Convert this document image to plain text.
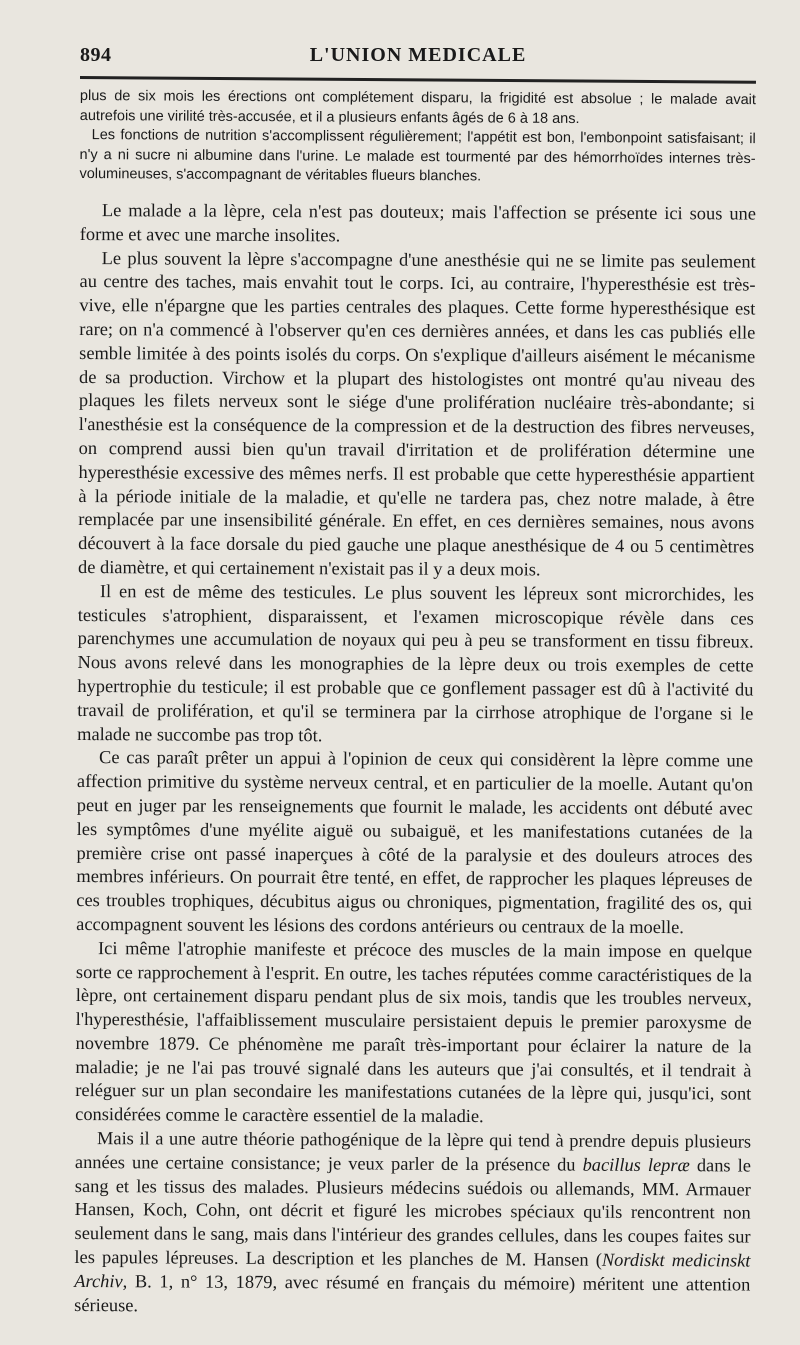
894	L'UNION MEDICALE

plus de six mois les érections ont complétement disparu, la frigidité est absolue ; le malade avait autrefois une virilité très-accusée, et il a plusieurs enfants âgés de 6 à 18 ans.

Les fonctions de nutrition s'accomplissent régulièrement; l'appétit est bon, l'embonpoint satisfaisant; il n'y a ni sucre ni albumine dans l'urine. Le malade est tourmenté par des hémorrhoïdes internes très-volumineuses, s'accompagnant de véritables flueurs blanches.

Le malade a la lèpre, cela n'est pas douteux; mais l'affection se présente ici sous une forme et avec une marche insolites.

Le plus souvent la lèpre s'accompagne d'une anesthésie qui ne se limite pas seulement au centre des taches, mais envahit tout le corps. Ici, au contraire, l'hyperesthésie est très-vive, elle n'épargne que les parties centrales des plaques. Cette forme hyperesthésique est rare; on n'a commencé à l'observer qu'en ces dernières années, et dans les cas publiés elle semble limitée à des points isolés du corps. On s'explique d'ailleurs aisément le mécanisme de sa production. Virchow et la plupart des histologistes ont montré qu'au niveau des plaques les filets nerveux sont le siége d'une prolifération nucléaire très-abondante; si l'anesthésie est la conséquence de la compression et de la destruction des fibres nerveuses, on comprend aussi bien qu'un travail d'irritation et de prolifération détermine une hyperesthésie excessive des mêmes nerfs. Il est probable que cette hyperesthésie appartient à la période initiale de la maladie, et qu'elle ne tardera pas, chez notre malade, à être remplacée par une insensibilité générale. En effet, en ces dernières semaines, nous avons découvert à la face dorsale du pied gauche une plaque anesthésique de 4 ou 5 centimètres de diamètre, et qui certainement n'existait pas il y a deux mois.

Il en est de même des testicules. Le plus souvent les lépreux sont microrchides, les testicules s'atrophient, disparaissent, et l'examen microscopique révèle dans ces parenchymes une accumulation de noyaux qui peu à peu se transforment en tissu fibreux. Nous avons relevé dans les monographies de la lèpre deux ou trois exemples de cette hypertrophie du testicule; il est probable que ce gonflement passager est dû à l'activité du travail de prolifération, et qu'il se terminera par la cirrhose atrophique de l'organe si le malade ne succombe pas trop tôt.

Ce cas paraît prêter un appui à l'opinion de ceux qui considèrent la lèpre comme une affection primitive du système nerveux central, et en particulier de la moelle. Autant qu'on peut en juger par les renseignements que fournit le malade, les accidents ont débuté avec les symptômes d'une myélite aiguë ou subaiguë, et les manifestations cutanées de la première crise ont passé inaperçues à côté de la paralysie et des douleurs atroces des membres inférieurs. On pourrait être tenté, en effet, de rapprocher les plaques lépreuses de ces troubles trophiques, décubitus aigus ou chroniques, pigmentation, fragilité des os, qui accompagnent souvent les lésions des cordons antérieurs ou centraux de la moelle.

Ici même l'atrophie manifeste et précoce des muscles de la main impose en quelque sorte ce rapprochement à l'esprit. En outre, les taches réputées comme caractéristiques de la lèpre, ont certainement disparu pendant plus de six mois, tandis que les troubles nerveux, l'hyperesthésie, l'affaiblissement musculaire persistaient depuis le premier paroxysme de novembre 1879. Ce phénomène me paraît très-important pour éclairer la nature de la maladie; je ne l'ai pas trouvé signalé dans les auteurs que j'ai consultés, et il tendrait à reléguer sur un plan secondaire les manifestations cutanées de la lèpre qui, jusqu'ici, sont considérées comme le caractère essentiel de la maladie.

Mais il a une autre théorie pathogénique de la lèpre qui tend à prendre depuis plusieurs années une certaine consistance; je veux parler de la présence du bacillus lepræ dans le sang et les tissus des malades. Plusieurs médecins suédois ou allemands, MM. Armauer Hansen, Koch, Cohn, ont décrit et figuré les microbes spéciaux qu'ils rencontrent non seulement dans le sang, mais dans l'intérieur des grandes cellules, dans les coupes faites sur les papules lépreuses. La description et les planches de M. Hansen (Nordiskt medicinskt Archiv, B. 1, n° 13, 1879, avec résumé en français du mémoire) méritent une attention sérieuse.
